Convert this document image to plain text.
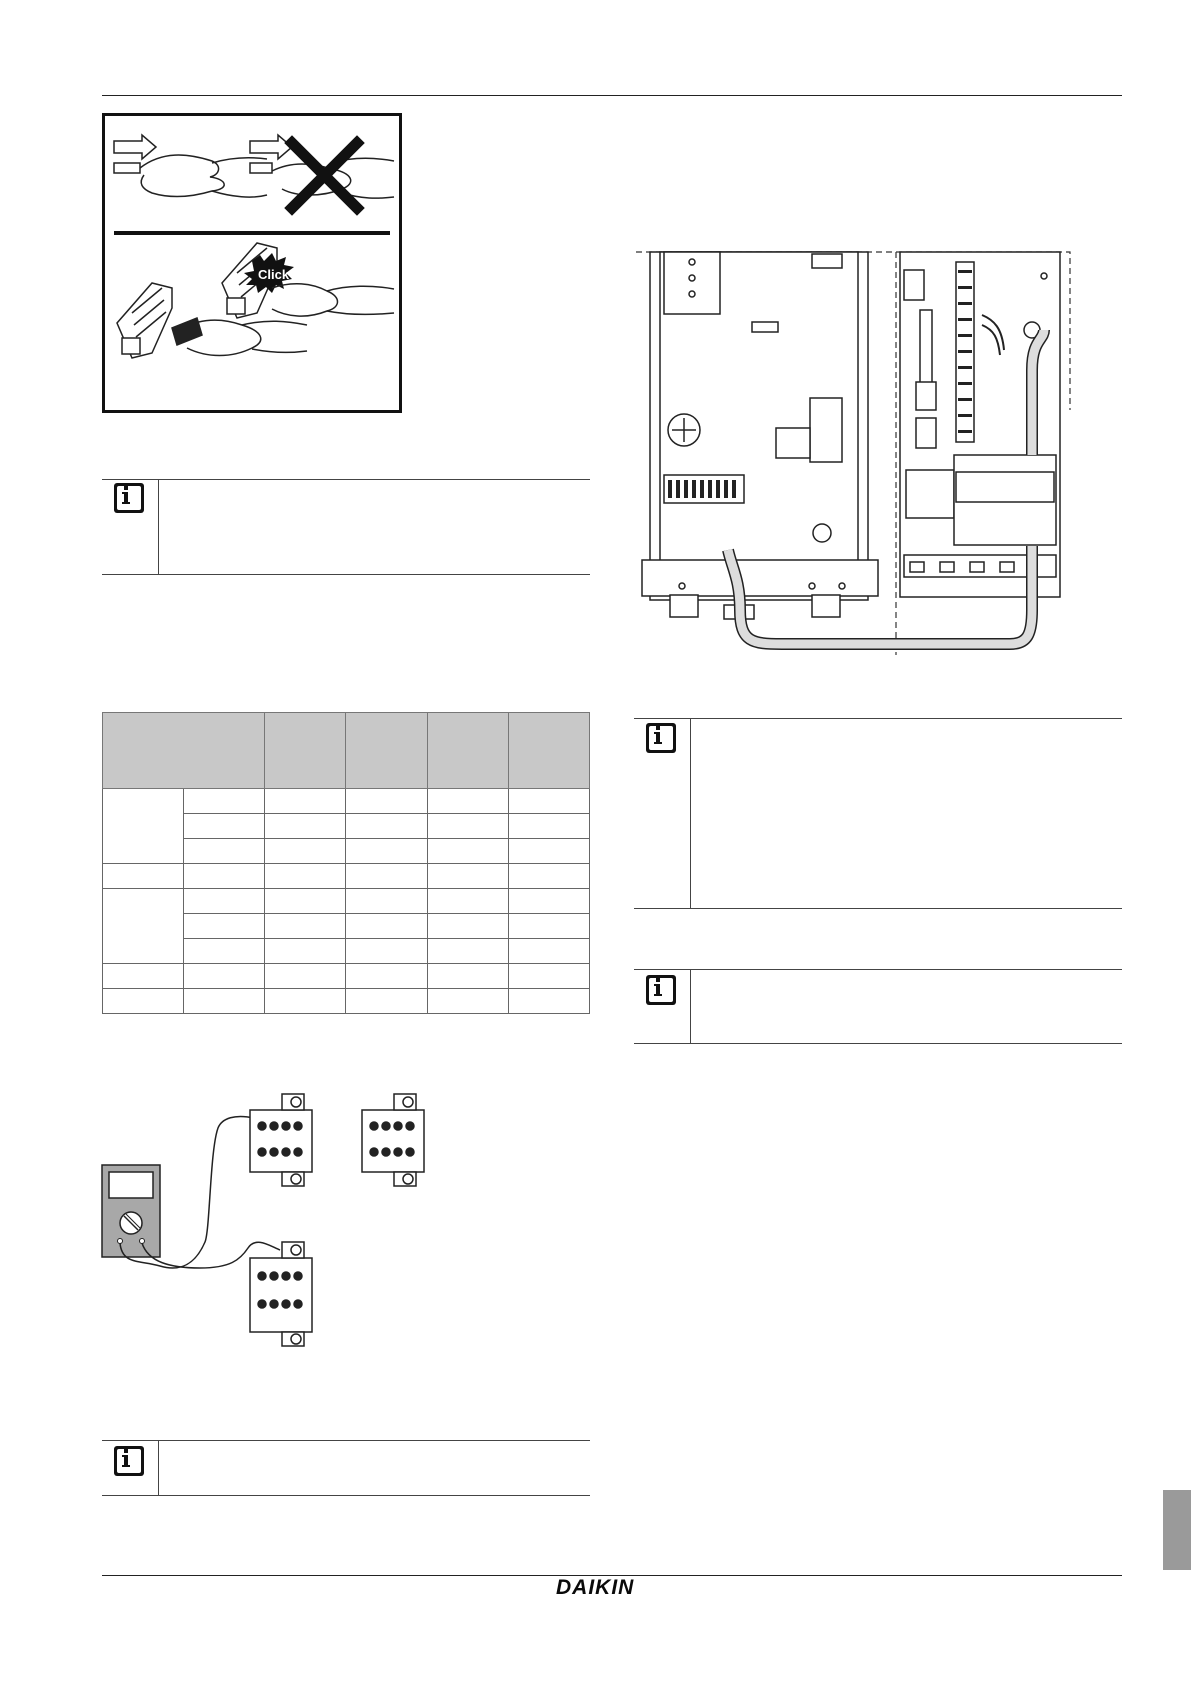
Click

DAIKIN
